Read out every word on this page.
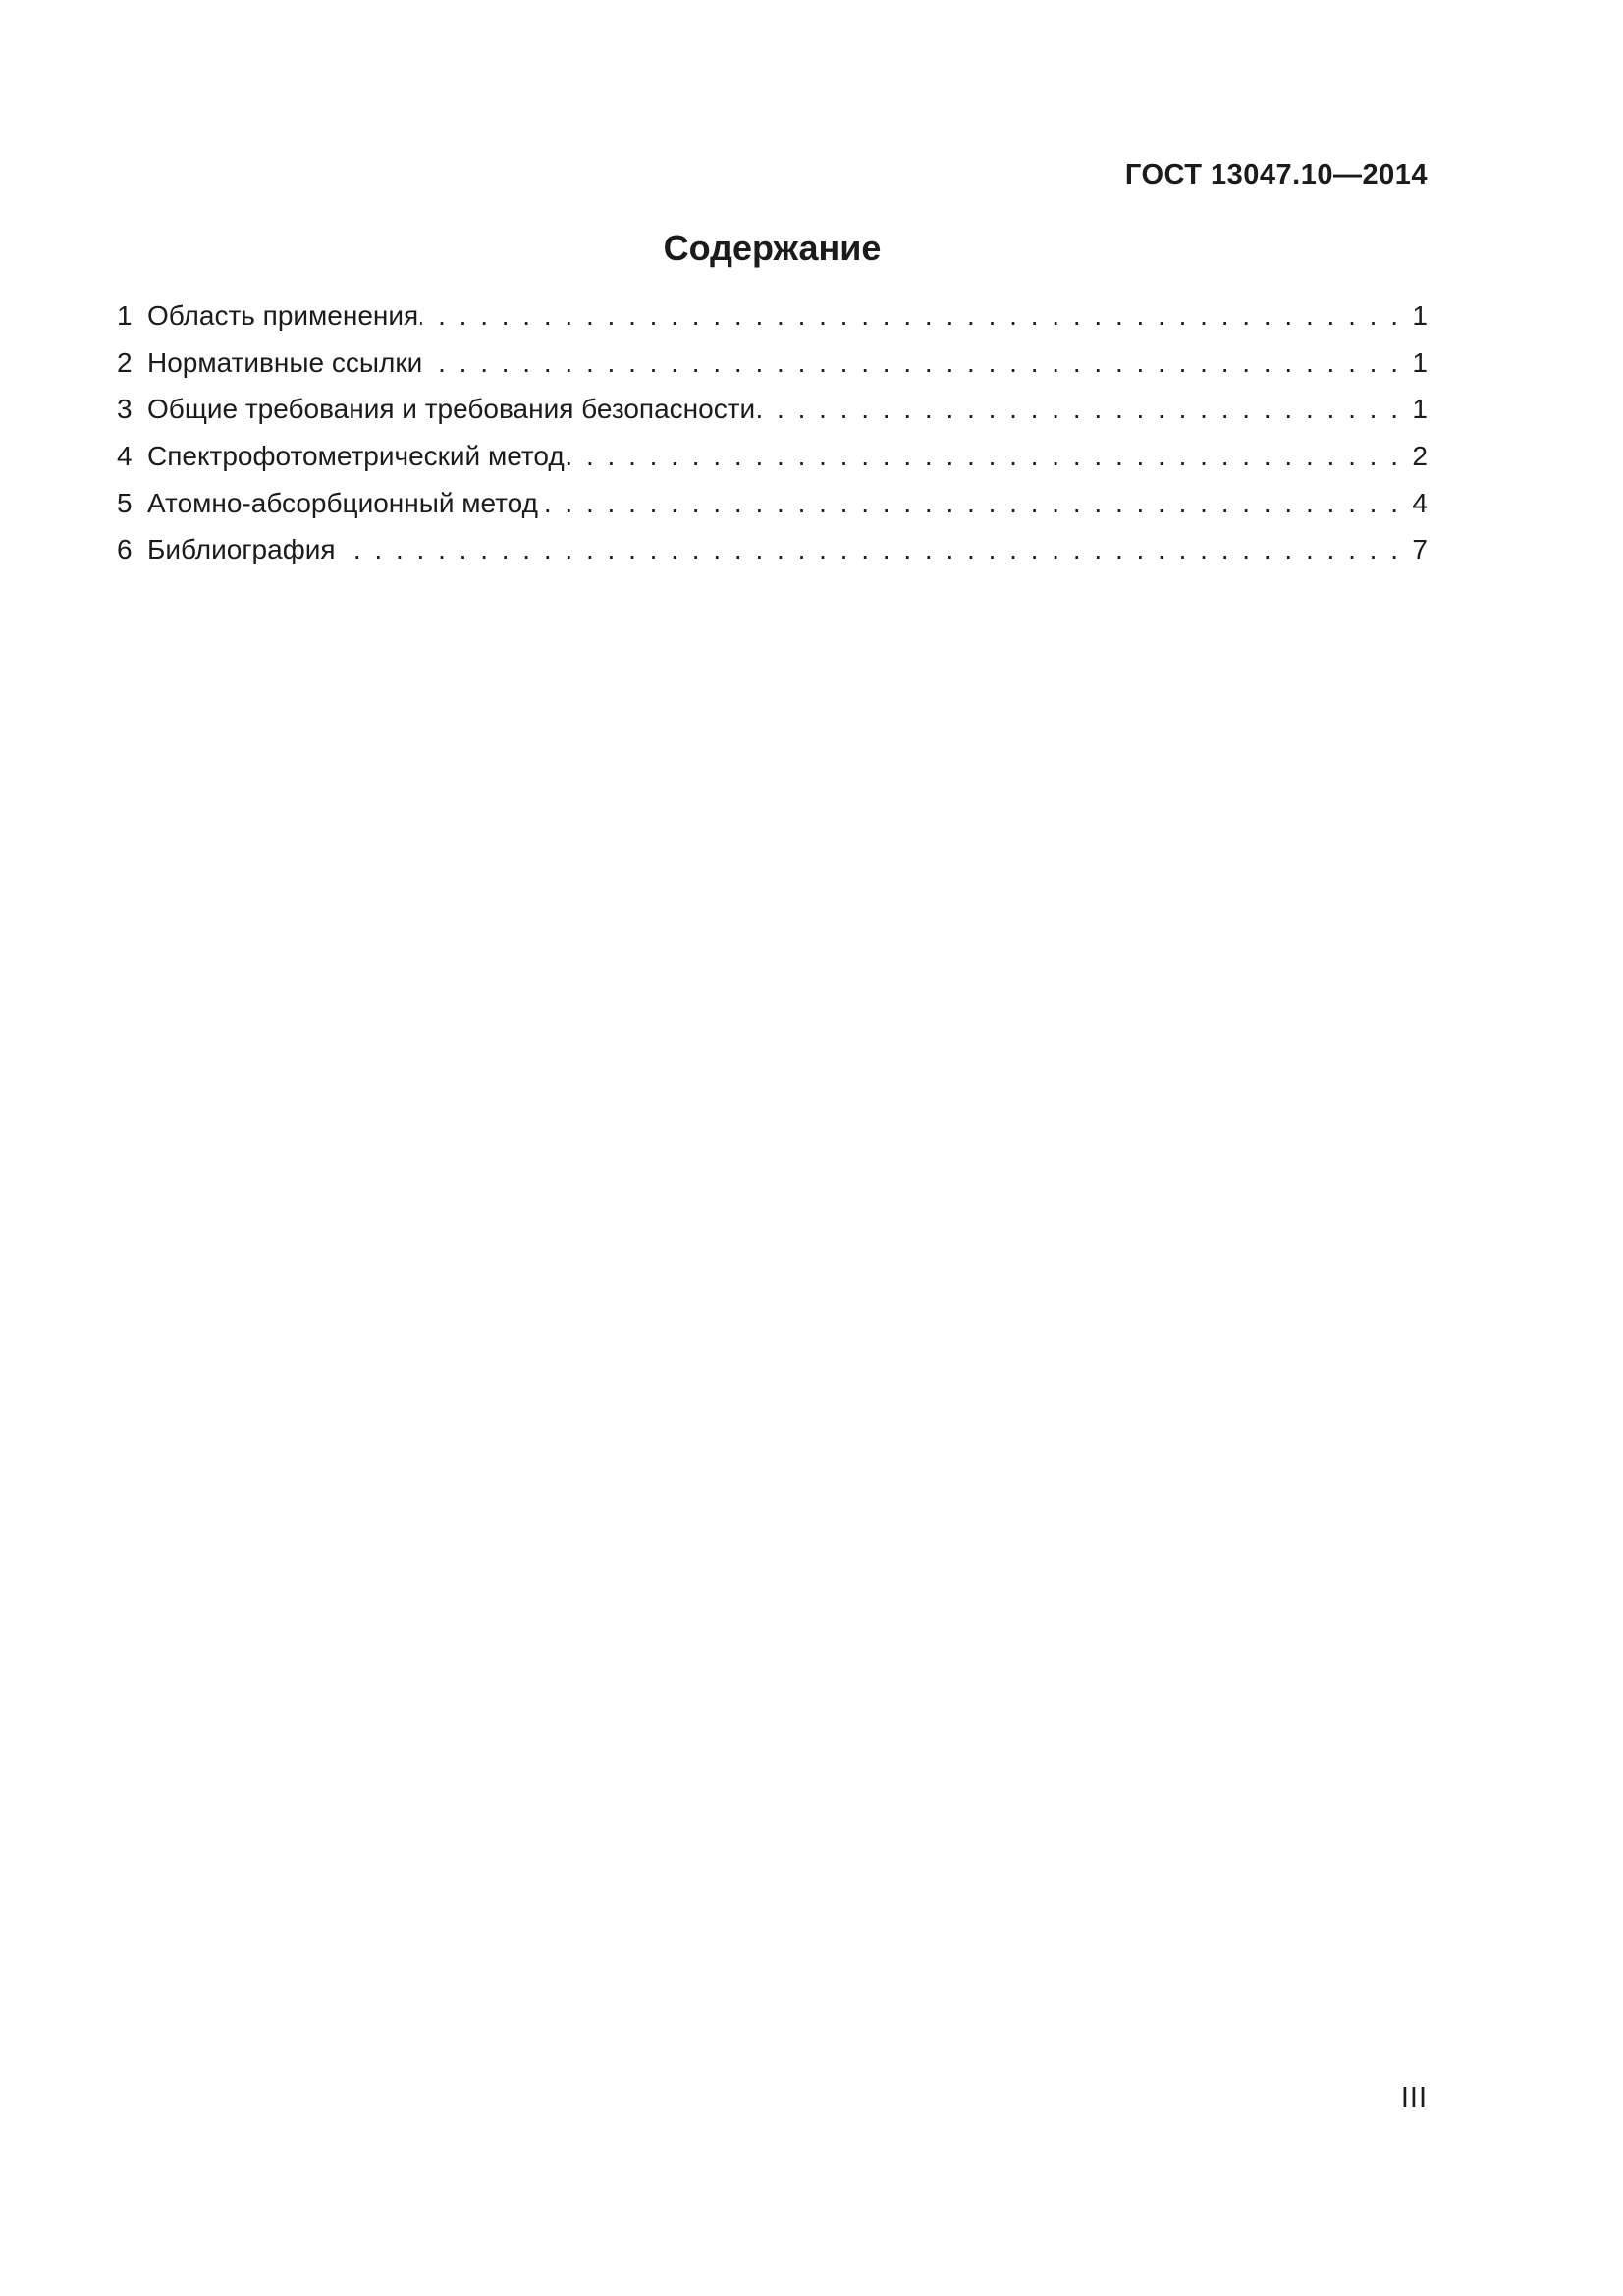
ГОСТ 13047.10—2014
Содержание
1 Область применения . . .	1
2 Нормативные ссылки . . .	1
3 Общие требования и требования безопасности . . .	1
4 Спектрофотометрический метод . . .	2
5 Атомно-абсорбционный метод . . .	4
6 Библиография . . .	7
III
